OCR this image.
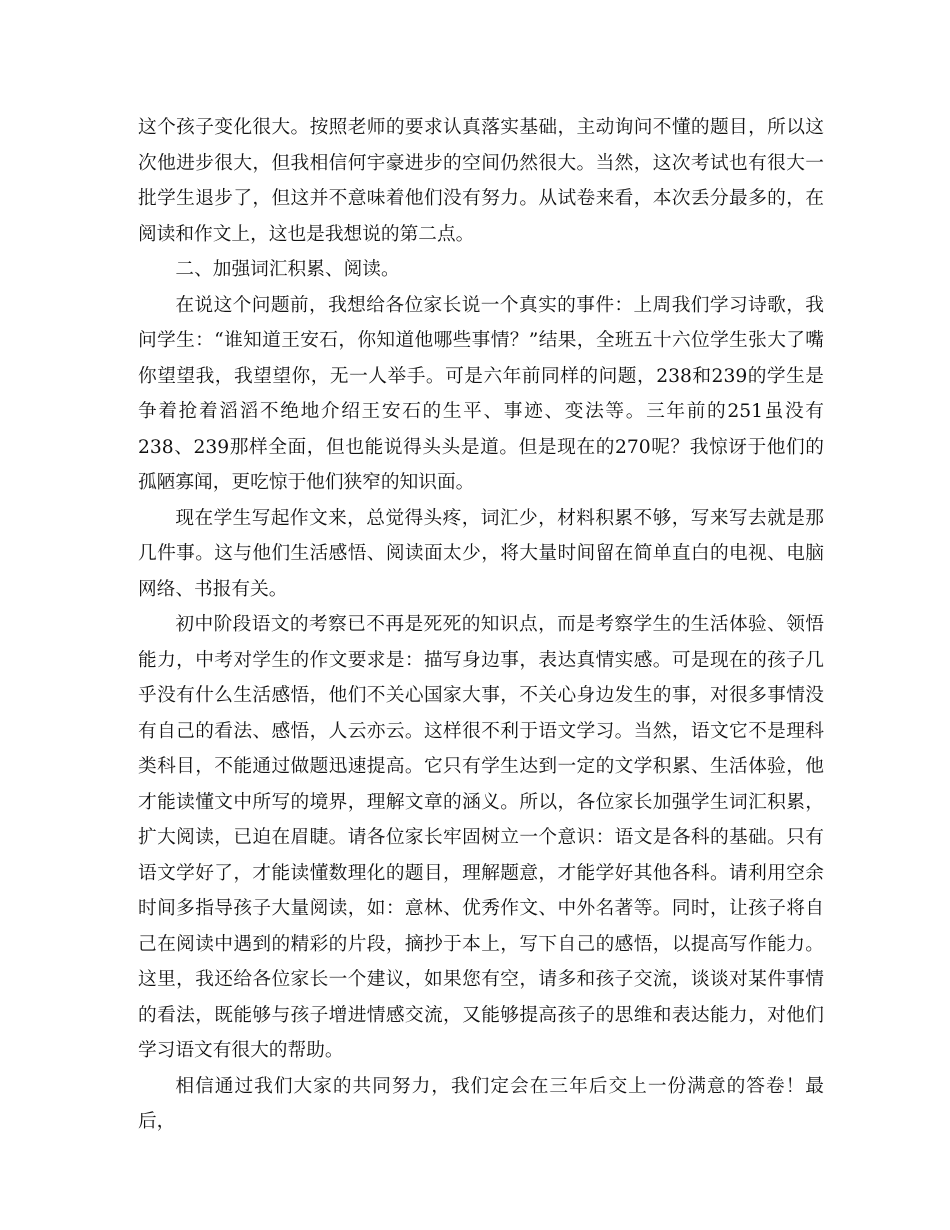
这个孩子变化很大。按照老师的要求认真落实基础，主动询问不懂的题目，所以这次他进步很大，但我相信何宇豪进步的空间仍然很大。当然，这次考试也有很大一批学生退步了，但这并不意味着他们没有努力。从试卷来看，本次丢分最多的，在阅读和作文上，这也是我想说的第二点。

二、加强词汇积累、阅读。

在说这个问题前，我想给各位家长说一个真实的事件：上周我们学习诗歌，我问学生：“谁知道王安石，你知道他哪些事情？”结果，全班五十六位学生张大了嘴你望望我，我望望你，无一人举手。可是六年前同样的问题，238和239的学生是争着抢着滔滔不绝地介绍王安石的生平、事迹、变法等。三年前的251虽没有238、239那样全面，但也能说得头头是道。但是现在的270呢？我惊讶于他们的孤陋寡闻，更吃惊于他们狭窄的知识面。

现在学生写起作文来，总觉得头疼，词汇少，材料积累不够，写来写去就是那几件事。这与他们生活感悟、阅读面太少，将大量时间留在简单直白的电视、电脑网络、书报有关。

初中阶段语文的考察已不再是死死的知识点，而是考察学生的生活体验、领悟能力，中考对学生的作文要求是：描写身边事，表达真情实感。可是现在的孩子几乎没有什么生活感悟，他们不关心国家大事，不关心身边发生的事，对很多事情没有自己的看法、感悟，人云亦云。这样很不利于语文学习。当然，语文它不是理科类科目，不能通过做题迅速提高。它只有学生达到一定的文学积累、生活体验，他才能读懂文中所写的境界，理解文章的涵义。所以，各位家长加强学生词汇积累，扩大阅读，已迫在眉睫。请各位家长牢固树立一个意识：语文是各科的基础。只有语文学好了，才能读懂数理化的题目，理解题意，才能学好其他各科。请利用空余时间多指导孩子大量阅读，如：意林、优秀作文、中外名著等。同时，让孩子将自己在阅读中遇到的精彩的片段，摘抄于本上，写下自己的感悟，以提高写作能力。这里，我还给各位家长一个建议，如果您有空，请多和孩子交流，谈谈对某件事情的看法，既能够与孩子增进情感交流，又能够提高孩子的思维和表达能力，对他们学习语文有很大的帮助。

相信通过我们大家的共同努力，我们定会在三年后交上一份满意的答卷！最后，
